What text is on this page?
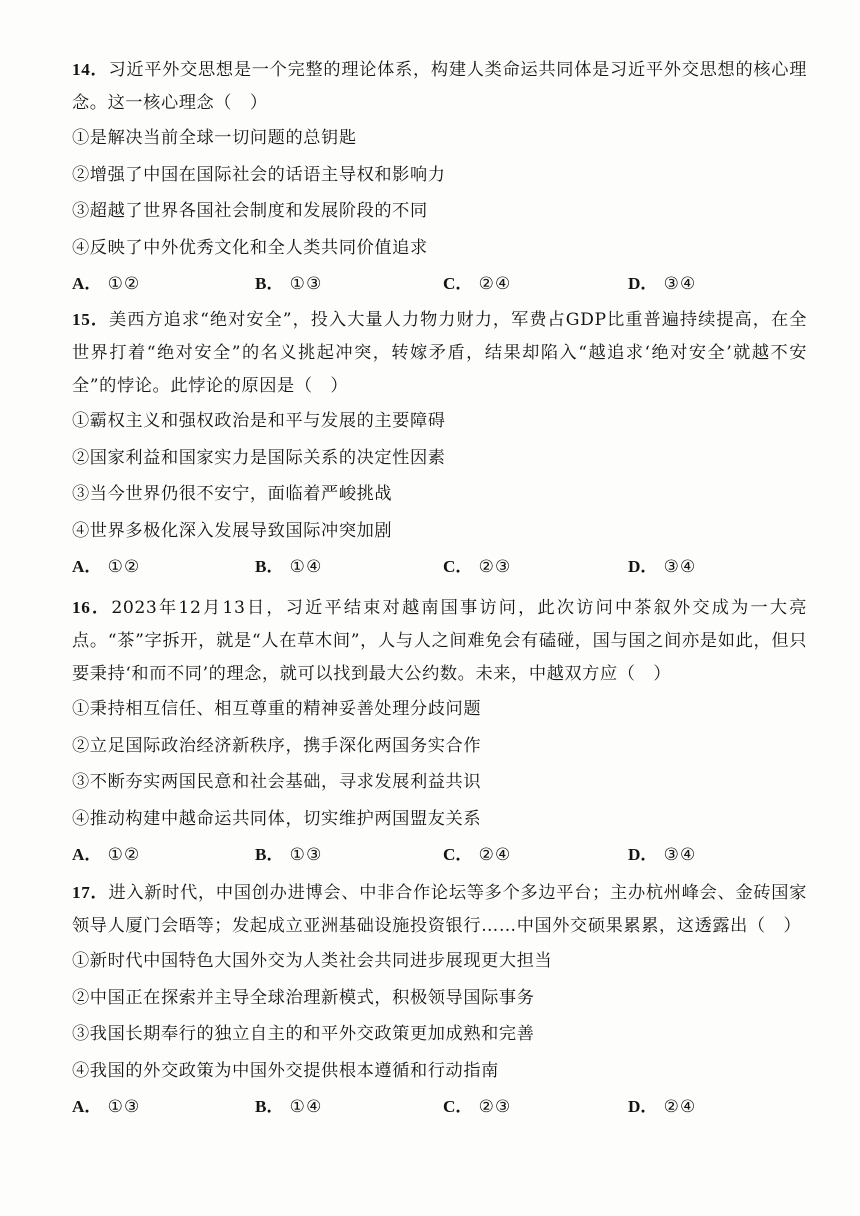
14．习近平外交思想是一个完整的理论体系，构建人类命运共同体是习近平外交思想的核心理念。这一核心理念（　）

①是解决当前全球一切问题的总钥匙

②增强了中国在国际社会的话语主导权和影响力

③超越了世界各国社会制度和发展阶段的不同

④反映了中外优秀文化和全人类共同价值追求

A． ①②	B． ①③	C． ②④	D． ③④

15．美西方追求“绝对安全”，投入大量人力物力财力，军费占GDP比重普遍持续提高，在全世界打着“绝对安全”的名义挑起冲突，转嫁矛盾，结果却陷入“越追求‘绝对安全’就越不安全”的悖论。此悖论的原因是（　）

①霸权主义和强权政治是和平与发展的主要障碍

②国家利益和国家实力是国际关系的决定性因素

③当今世界仍很不安宁，面临着严峻挑战

④世界多极化深入发展导致国际冲突加剧

A． ①②	B． ①④	C． ②③	D． ③④

16．2023年12月13日，习近平结束对越南国事访问，此次访问中茶叙外交成为一大亮点。“茶”字拆开，就是“人在草木间”，人与人之间难免会有磕碰，国与国之间亦是如此，但只要秉持‘和而不同’的理念，就可以找到最大公约数。未来，中越双方应（　）

①秉持相互信任、相互尊重的精神妥善处理分歧问题

②立足国际政治经济新秩序，携手深化两国务实合作

③不断夯实两国民意和社会基础，寻求发展利益共识

④推动构建中越命运共同体，切实维护两国盟友关系

A． ①②	B． ①③	C． ②④	D． ③④

17．进入新时代，中国创办进博会、中非合作论坛等多个多边平台；主办杭州峰会、金砖国家领导人厦门会晤等；发起成立亚洲基础设施投资银行……中国外交硕果累累，这透露出（　）

①新时代中国特色大国外交为人类社会共同进步展现更大担当

②中国正在探索并主导全球治理新模式，积极领导国际事务

③我国长期奉行的独立自主的和平外交政策更加成熟和完善

④我国的外交政策为中国外交提供根本遵循和行动指南

A． ①③	B． ①④	C． ②③	D． ②④
